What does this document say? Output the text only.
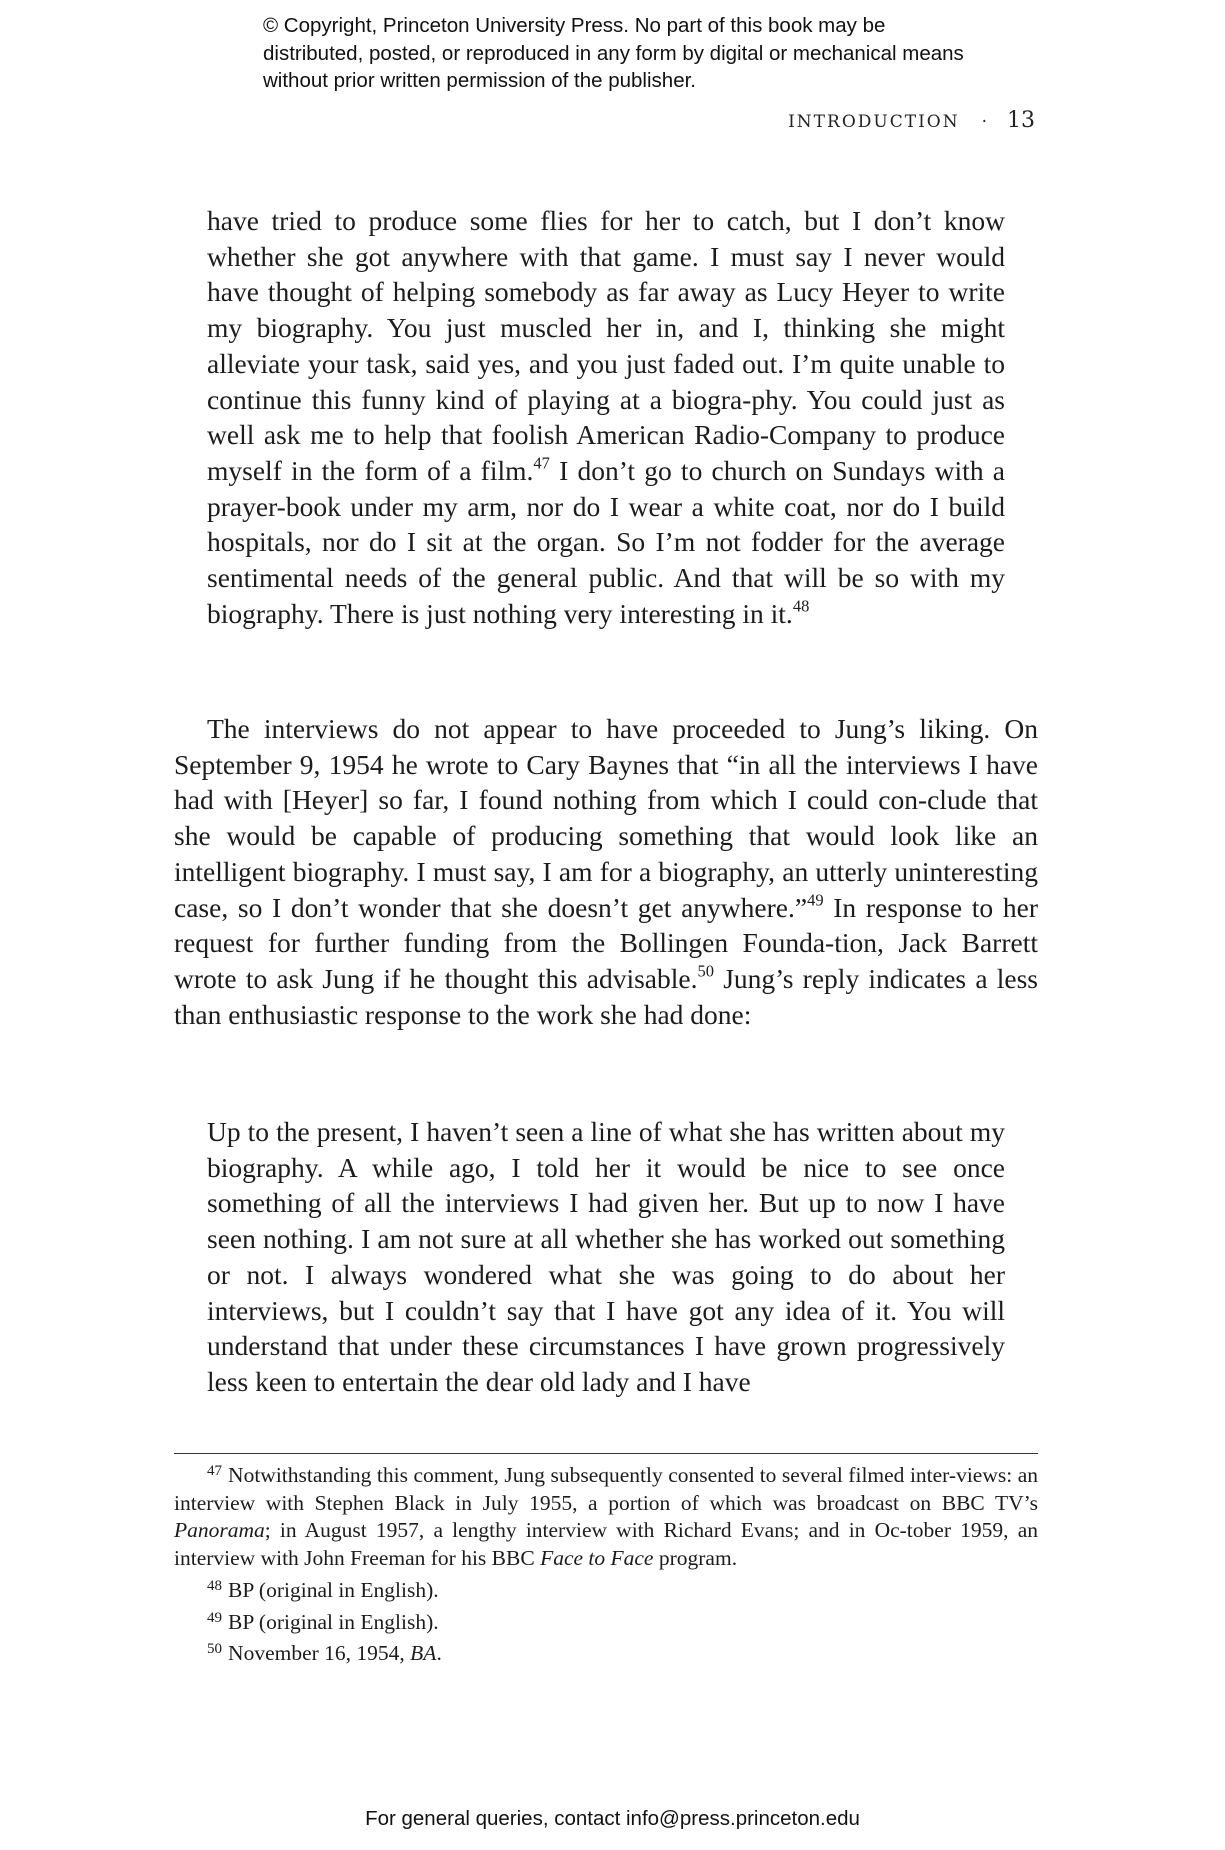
© Copyright, Princeton University Press. No part of this book may be distributed, posted, or reproduced in any form by digital or mechanical means without prior written permission of the publisher.
INTRODUCTION · 13
have tried to produce some flies for her to catch, but I don’t know whether she got anywhere with that game. I must say I never would have thought of helping somebody as far away as Lucy Heyer to write my biography. You just muscled her in, and I, thinking she might alleviate your task, said yes, and you just faded out. I’m quite unable to continue this funny kind of playing at a biogra-phy. You could just as well ask me to help that foolish American Radio-Company to produce myself in the form of a film.$^{47}$ I don’t go to church on Sundays with a prayer-book under my arm, nor do I wear a white coat, nor do I build hospitals, nor do I sit at the organ. So I’m not fodder for the average sentimental needs of the general public. And that will be so with my biography. There is just nothing very interesting in it.$^{48}$
The interviews do not appear to have proceeded to Jung’s liking. On September 9, 1954 he wrote to Cary Baynes that “in all the interviews I have had with [Heyer] so far, I found nothing from which I could con-clude that she would be capable of producing something that would look like an intelligent biography. I must say, I am for a biography, an utterly uninteresting case, so I don’t wonder that she doesn’t get anywhere.”$^{49}$ In response to her request for further funding from the Bollingen Founda-tion, Jack Barrett wrote to ask Jung if he thought this advisable.$^{50}$ Jung’s reply indicates a less than enthusiastic response to the work she had done:
Up to the present, I haven’t seen a line of what she has written about my biography. A while ago, I told her it would be nice to see once something of all the interviews I had given her. But up to now I have seen nothing. I am not sure at all whether she has worked out something or not. I always wondered what she was going to do about her interviews, but I couldn’t say that I have got any idea of it. You will understand that under these circumstances I have grown progressively less keen to entertain the dear old lady and I have
$^{47}$ Notwithstanding this comment, Jung subsequently consented to several filmed inter-views: an interview with Stephen Black in July 1955, a portion of which was broadcast on BBC TV’s Panorama; in August 1957, a lengthy interview with Richard Evans; and in Oc-tober 1959, an interview with John Freeman for his BBC Face to Face program.
$^{48}$ BP (original in English).
$^{49}$ BP (original in English).
$^{50}$ November 16, 1954, BA.
For general queries, contact info@press.princeton.edu
